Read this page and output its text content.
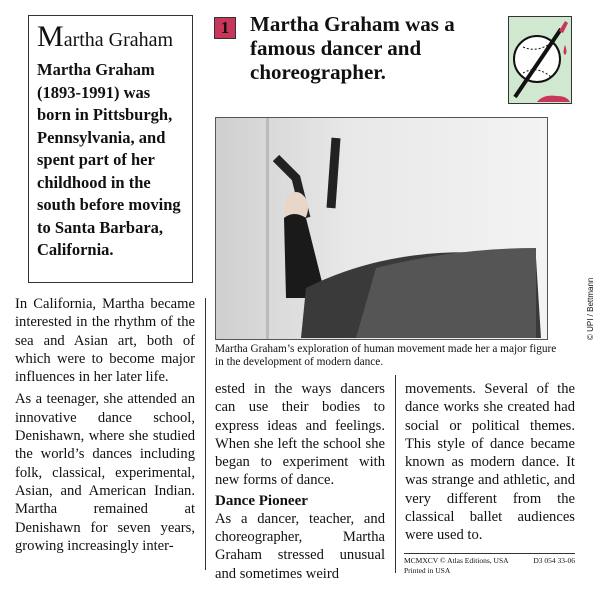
Martha Graham

Martha Graham (1893-1991) was born in Pittsburgh, Pennsylvania, and spent part of her childhood in the south before moving to Santa Barbara, California.

1 Martha Graham was a famous dancer and choreographer.
© UPI / Bettmann
Martha Graham’s exploration of human movement made her a major figure in the development of modern dance.

In California, Martha became interested in the rhythm of the sea and Asian art, both of which were to become major influences in her later life.

As a teenager, she attended an innovative dance school, Denishawn, where she studied the world’s dances including folk, classical, experimental, Asian, and American Indian. Martha remained at Denishawn for seven years, growing increasingly inter-

ested in the ways dancers can use their bodies to express ideas and feelings. When she left the school she began to experiment with new forms of dance.

Dance Pioneer

As a dancer, teacher, and choreographer, Martha Graham stressed unusual and sometimes weird

movements. Several of the dance works she created had social or political themes. This style of dance became known as modern dance. It was strange and athletic, and very different from the classical ballet audiences were used to.

MCMXCV © Atlas Editions, USA	D3 054 33-06
Printed in USA
